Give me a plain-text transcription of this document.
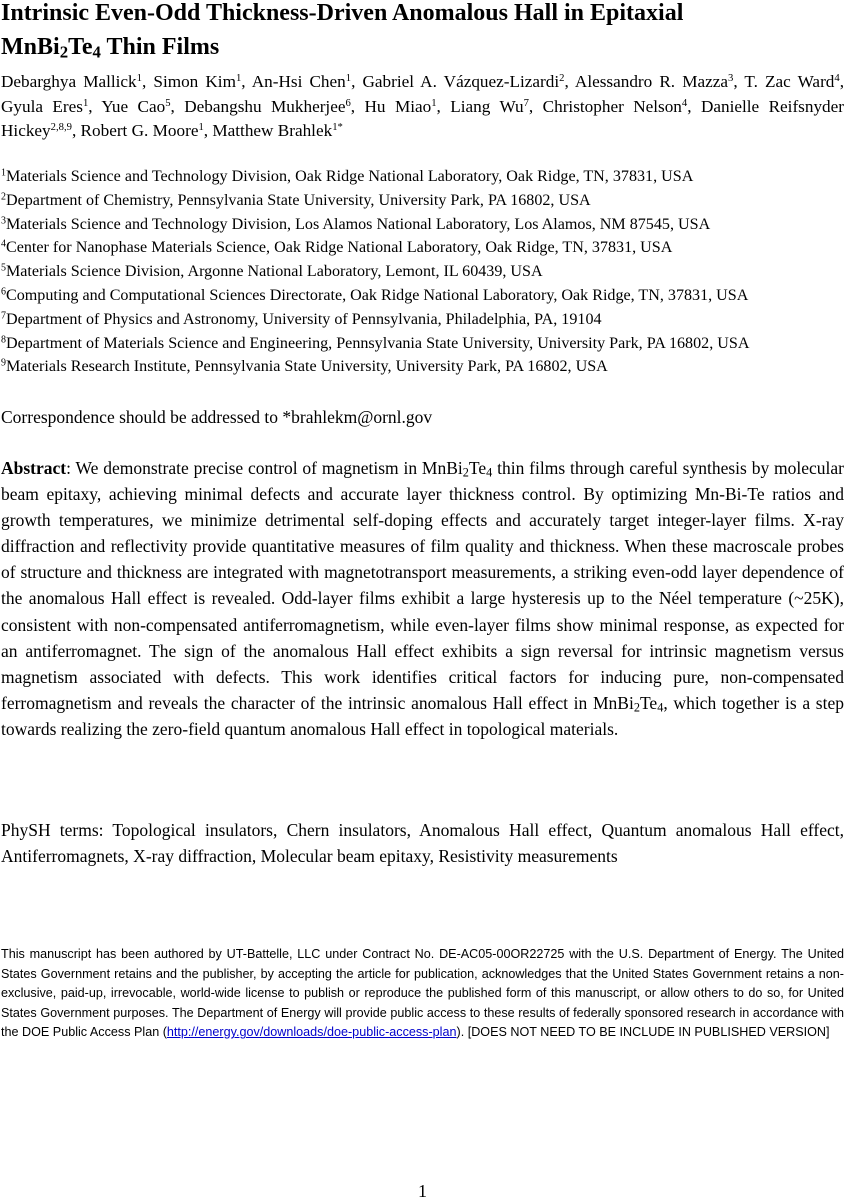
Intrinsic Even-Odd Thickness-Driven Anomalous Hall in Epitaxial
$MnBi_2Te_4$ Thin Films
Debarghya Mallick$^1$, Simon Kim$^1$, An-Hsi Chen$^1$, Gabriel A. Vázquez-Lizardi$^2$, Alessandro R. Mazza$^3$, T. Zac Ward$^4$, Gyula Eres$^1$, Yue Cao$^5$, Debangshu Mukherjee$^6$, Hu Miao$^1$, Liang Wu$^7$, Christopher Nelson$^4$, Danielle Reifsnyder Hickey$^{2,8,9}$, Robert G. Moore$^1$, Matthew Brahlek$^{1*}$
$^1$Materials Science and Technology Division, Oak Ridge National Laboratory, Oak Ridge, TN, 37831, USA
$^2$Department of Chemistry, Pennsylvania State University, University Park, PA 16802, USA
$^3$Materials Science and Technology Division, Los Alamos National Laboratory, Los Alamos, NM 87545, USA
$^4$Center for Nanophase Materials Science, Oak Ridge National Laboratory, Oak Ridge, TN, 37831, USA
$^5$Materials Science Division, Argonne National Laboratory, Lemont, IL 60439, USA
$^6$Computing and Computational Sciences Directorate, Oak Ridge National Laboratory, Oak Ridge, TN, 37831, USA
$^7$Department of Physics and Astronomy, University of Pennsylvania, Philadelphia, PA, 19104
$^8$Department of Materials Science and Engineering, Pennsylvania State University, University Park, PA 16802, USA
$^9$Materials Research Institute, Pennsylvania State University, University Park, PA 16802, USA
Correspondence should be addressed to *brahlekm@ornl.gov

Abstract: We demonstrate precise control of magnetism in $MnBi_2Te_4$ thin films through careful synthesis by molecular beam epitaxy, achieving minimal defects and accurate layer thickness control. By optimizing Mn-Bi-Te ratios and growth temperatures, we minimize detrimental self-doping effects and accurately target integer-layer films. X-ray diffraction and reflectivity provide quantitative measures of film quality and thickness. When these macroscale probes of structure and thickness are integrated with magnetotransport measurements, a striking even-odd layer dependence of the anomalous Hall effect is revealed. Odd-layer films exhibit a large hysteresis up to the Néel temperature (~25K), consistent with non-compensated antiferromagnetism, while even-layer films show minimal response, as expected for an antiferromagnet. The sign of the anomalous Hall effect exhibits a sign reversal for intrinsic magnetism versus magnetism associated with defects. This work identifies critical factors for inducing pure, non-compensated ferromagnetism and reveals the character of the intrinsic anomalous Hall effect in $MnBi_2Te_4$, which together is a step towards realizing the zero-field quantum anomalous Hall effect in topological materials.

PhySH terms: Topological insulators, Chern insulators, Anomalous Hall effect, Quantum anomalous Hall effect, Antiferromagnets, X-ray diffraction, Molecular beam epitaxy, Resistivity measurements

This manuscript has been authored by UT-Battelle, LLC under Contract No. DE-AC05-00OR22725 with the U.S. Department of Energy. The United States Government retains and the publisher, by accepting the article for publication, acknowledges that the United States Government retains a non-exclusive, paid-up, irrevocable, world-wide license to publish or reproduce the published form of this manuscript, or allow others to do so, for United States Government purposes. The Department of Energy will provide public access to these results of federally sponsored research in accordance with the DOE Public Access Plan (http://energy.gov/downloads/doe-public-access-plan). [DOES NOT NEED TO BE INCLUDE IN PUBLISHED VERSION]

1
